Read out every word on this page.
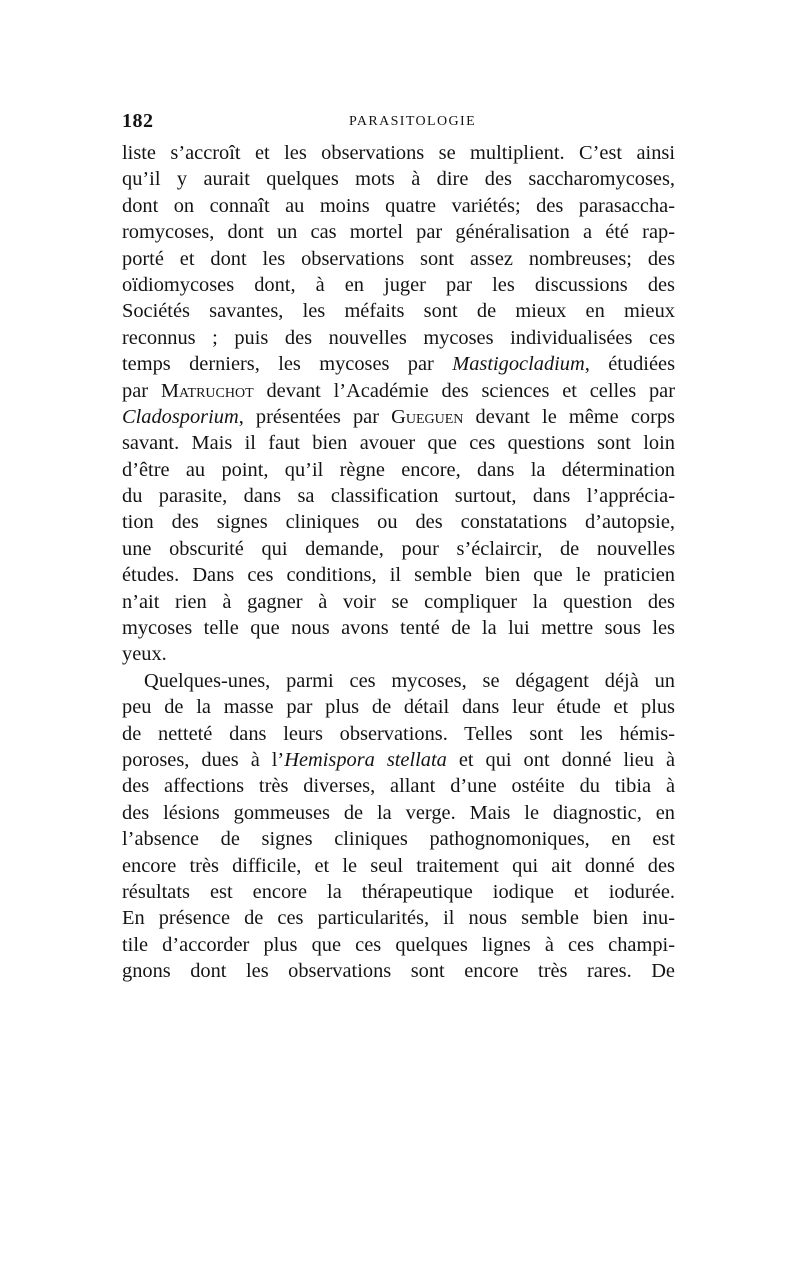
182	PARASITOLOGIE
liste s’accroît et les observations se multiplient. C’est ainsi
qu’il y aurait quelques mots à dire des saccharomycoses,
dont on connaît au moins quatre variétés; des parasaccha-
romycoses, dont un cas mortel par généralisation a été rap-
porté et dont les observations sont assez nombreuses; des
oïdiomycoses dont, à en juger par les discussions des
Sociétés savantes, les méfaits sont de mieux en mieux
reconnus ; puis des nouvelles mycoses individualisées ces
temps derniers, les mycoses par Mastigocladium, étudiées
par Matruchot devant l’Académie des sciences et celles par
Cladosporium, présentées par Gueguen devant le même corps
savant. Mais il faut bien avouer que ces questions sont loin
d’être au point, qu’il règne encore, dans la détermination
du parasite, dans sa classification surtout, dans l’apprécia-
tion des signes cliniques ou des constatations d’autopsie,
une obscurité qui demande, pour s’éclaircir, de nouvelles
études. Dans ces conditions, il semble bien que le praticien
n’ait rien à gagner à voir se compliquer la question des
mycoses telle que nous avons tenté de la lui mettre sous les
yeux.
Quelques-unes, parmi ces mycoses, se dégagent déjà un
peu de la masse par plus de détail dans leur étude et plus
de netteté dans leurs observations. Telles sont les hémis-
poroses, dues à l’Hemispora stellata et qui ont donné lieu à
des affections très diverses, allant d’une ostéite du tibia à
des lésions gommeuses de la verge. Mais le diagnostic, en
l’absence de signes cliniques pathognomoniques, en est
encore très difficile, et le seul traitement qui ait donné des
résultats est encore la thérapeutique iodique et iodurée.
En présence de ces particularités, il nous semble bien inu-
tile d’accorder plus que ces quelques lignes à ces champi-
gnons dont les observations sont encore très rares. De
